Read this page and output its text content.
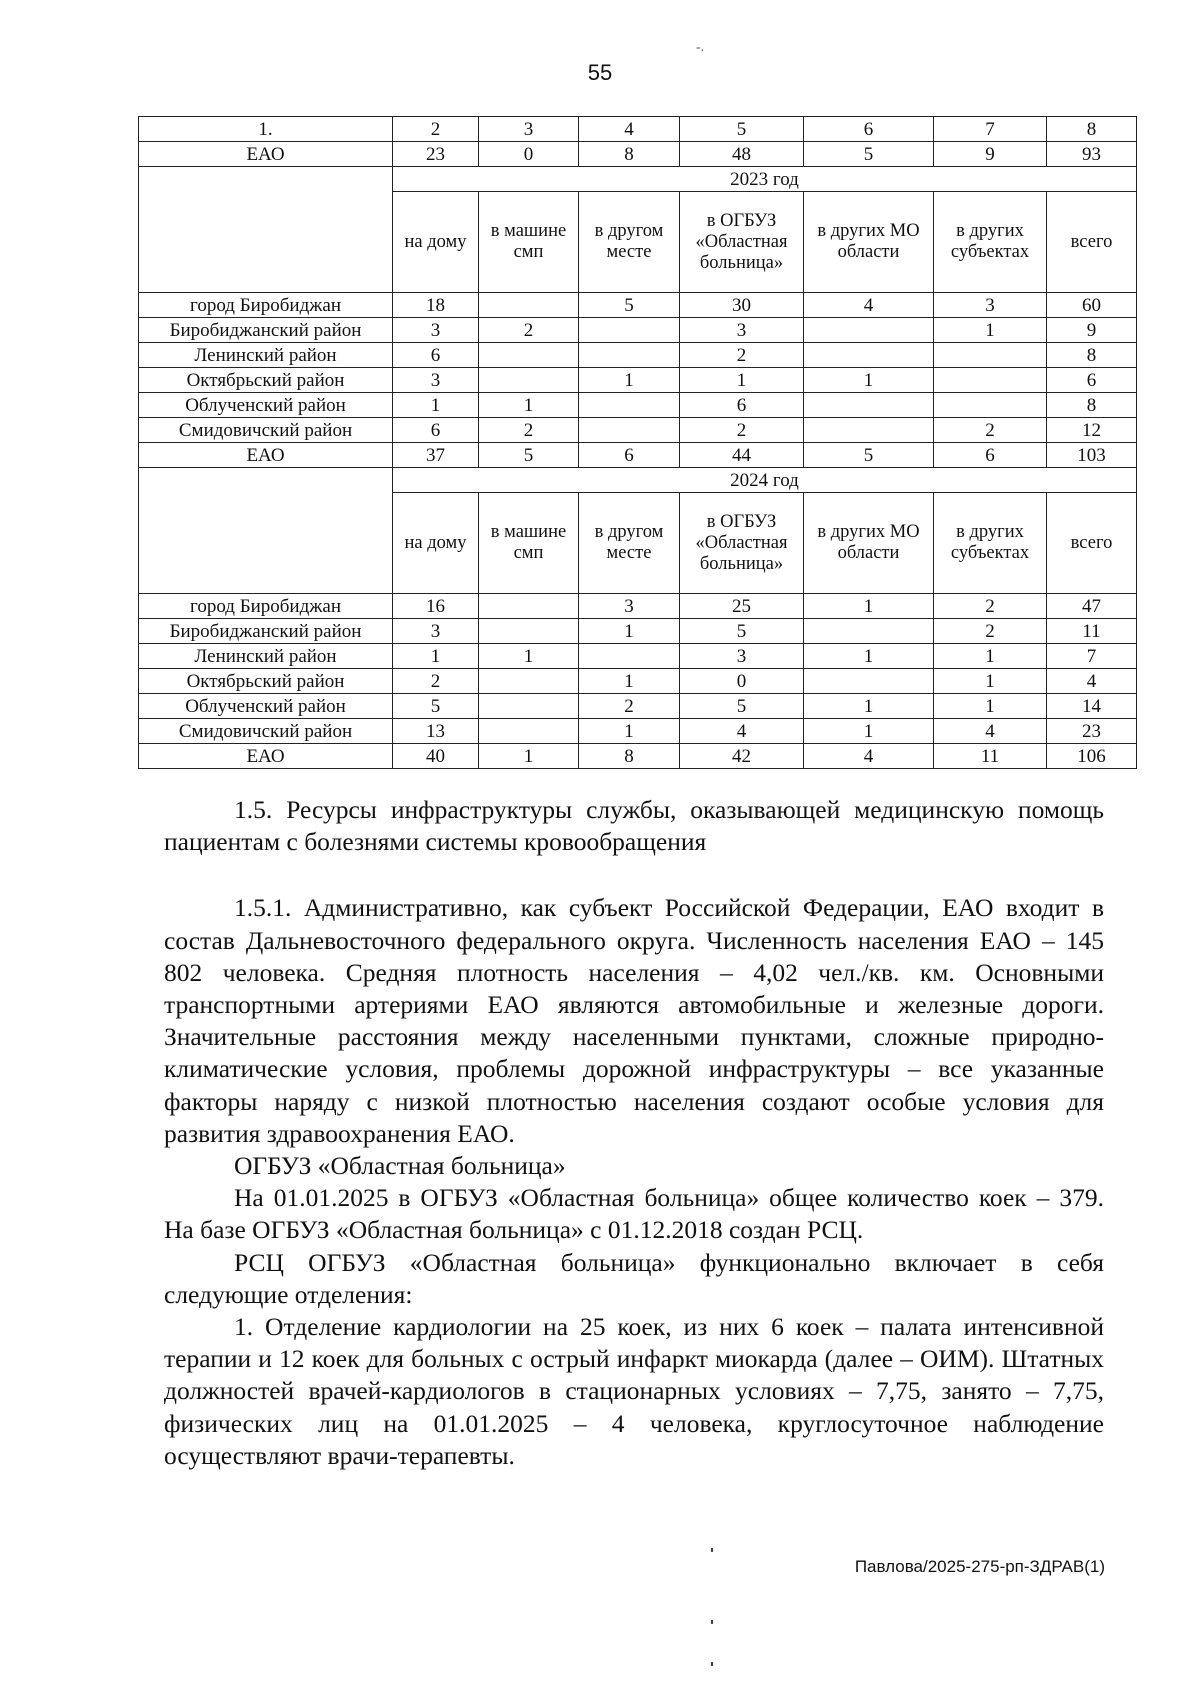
-.
55
1.	2	3	4	5	6	7	8
ЕАО	23	0	8	48	5	9	93
	2023 год						
	на дому	в машине смп	в другом месте	в ОГБУЗ «Областная больница»	в других МО области	в других субъектах	всего
город Биробиджан	18		5	30	4	3	60
Биробиджанский район	3	2		3		1	9
Ленинский район	6			2			8
Октябрьский район	3		1	1	1		6
Облученский район	1	1		6			8
Смидовичский район	6	2		2		2	12
ЕАО	37	5	6	44	5	6	103
	2024 год						
	на дому	в машине смп	в другом месте	в ОГБУЗ «Областная больница»	в других МО области	в других субъектах	всего
город Биробиджан	16		3	25	1	2	47
Биробиджанский район	3		1	5		2	11
Ленинский район	1	1		3	1	1	7
Октябрьский район	2		1	0		1	4
Облученский район	5		2	5	1	1	14
Смидовичский район	13		1	4	1	4	23
ЕАО	40	1	8	42	4	11	106

1.5. Ресурсы инфраструктуры службы, оказывающей медицинскую помощь пациентам с болезнями системы кровообращения

1.5.1. Административно, как субъект Российской Федерации, ЕАО входит в состав Дальневосточного федерального округа. Численность населения ЕАО – 145 802 человека. Средняя плотность населения – 4,02 чел./кв. км. Основными транспортными артериями ЕАО являются автомобильные и железные дороги. Значительные расстояния между населенными пунктами, сложные природно-климатические условия, проблемы дорожной инфраструктуры – все указанные факторы наряду с низкой плотностью населения создают особые условия для развития здравоохранения ЕАО.

ОГБУЗ «Областная больница»

На 01.01.2025 в ОГБУЗ «Областная больница» общее количество коек – 379. На базе ОГБУЗ «Областная больница» с 01.12.2018 создан РСЦ.

РСЦ ОГБУЗ «Областная больница» функционально включает в себя следующие отделения:

1. Отделение кардиологии на 25 коек, из них 6 коек – палата интенсивной терапии и 12 коек для больных с острый инфаркт миокарда (далее – ОИМ). Штатных должностей врачей-кардиологов в стационарных условиях – 7,75, занято – 7,75, физических лиц на 01.01.2025 – 4 человека, круглосуточное наблюдение осуществляют врачи-терапевты.

Павлова/2025-275-рп-ЗДРАВ(1)
